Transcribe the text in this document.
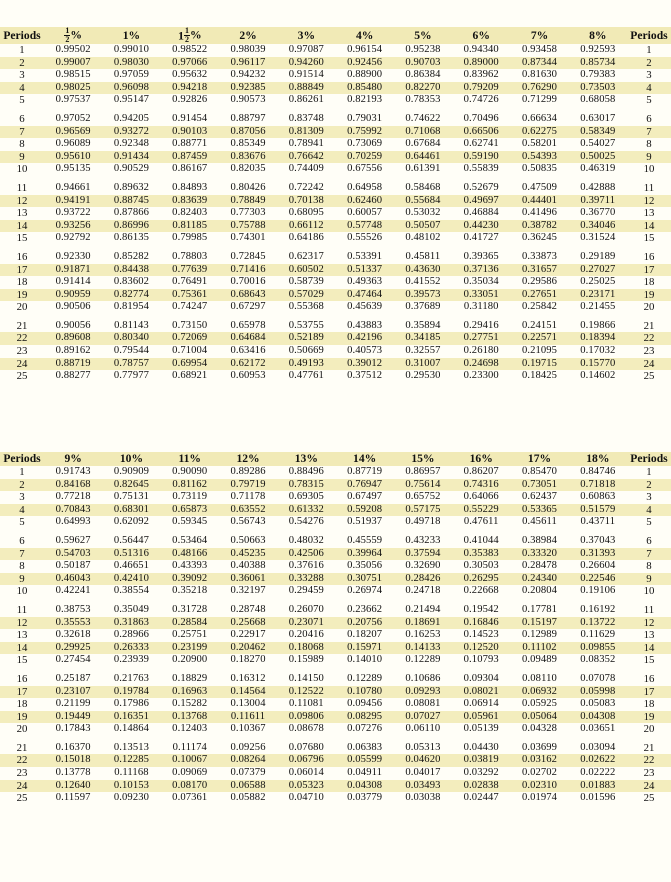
Periods	$\frac{1}{2}$ %	1%	$1 \frac{1}{2}$ %	2%	3%	4%	5%	6%	7%	8%	Periods
1	0.99502	0.99010	0.98522	0.98039	0.97087	0.96154	0.95238	0.94340	0.93458	0.92593	1
2	0.99007	0.98030	0.97066	0.96117	0.94260	0.92456	0.90703	0.89000	0.87344	0.85734	2
3	0.98515	0.97059	0.95632	0.94232	0.91514	0.88900	0.86384	0.83962	0.81630	0.79383	3
4	0.98025	0.96098	0.94218	0.92385	0.88849	0.85480	0.82270	0.79209	0.76290	0.73503	4
5	0.97537	0.95147	0.92826	0.90573	0.86261	0.82193	0.78353	0.74726	0.71299	0.68058	5

6	0.97052	0.94205	0.91454	0.88797	0.83748	0.79031	0.74622	0.70496	0.66634	0.63017	6
7	0.96569	0.93272	0.90103	0.87056	0.81309	0.75992	0.71068	0.66506	0.62275	0.58349	7
8	0.96089	0.92348	0.88771	0.85349	0.78941	0.73069	0.67684	0.62741	0.58201	0.54027	8
9	0.95610	0.91434	0.87459	0.83676	0.76642	0.70259	0.64461	0.59190	0.54393	0.50025	9
10	0.95135	0.90529	0.86167	0.82035	0.74409	0.67556	0.61391	0.55839	0.50835	0.46319	10

11	0.94661	0.89632	0.84893	0.80426	0.72242	0.64958	0.58468	0.52679	0.47509	0.42888	11
12	0.94191	0.88745	0.83639	0.78849	0.70138	0.62460	0.55684	0.49697	0.44401	0.39711	12
13	0.93722	0.87866	0.82403	0.77303	0.68095	0.60057	0.53032	0.46884	0.41496	0.36770	13
14	0.93256	0.86996	0.81185	0.75788	0.66112	0.57748	0.50507	0.44230	0.38782	0.34046	14
15	0.92792	0.86135	0.79985	0.74301	0.64186	0.55526	0.48102	0.41727	0.36245	0.31524	15

16	0.92330	0.85282	0.78803	0.72845	0.62317	0.53391	0.45811	0.39365	0.33873	0.29189	16
17	0.91871	0.84438	0.77639	0.71416	0.60502	0.51337	0.43630	0.37136	0.31657	0.27027	17
18	0.91414	0.83602	0.76491	0.70016	0.58739	0.49363	0.41552	0.35034	0.29586	0.25025	18
19	0.90959	0.82774	0.75361	0.68643	0.57029	0.47464	0.39573	0.33051	0.27651	0.23171	19
20	0.90506	0.81954	0.74247	0.67297	0.55368	0.45639	0.37689	0.31180	0.25842	0.21455	20

21	0.90056	0.81143	0.73150	0.65978	0.53755	0.43883	0.35894	0.29416	0.24151	0.19866	21
22	0.89608	0.80340	0.72069	0.64684	0.52189	0.42196	0.34185	0.27751	0.22571	0.18394	22
23	0.89162	0.79544	0.71004	0.63416	0.50669	0.40573	0.32557	0.26180	0.21095	0.17032	23
24	0.88719	0.78757	0.69954	0.62172	0.49193	0.39012	0.31007	0.24698	0.19715	0.15770	24
25	0.88277	0.77977	0.68921	0.60953	0.47761	0.37512	0.29530	0.23300	0.18425	0.14602	25
Periods	9%	10%	11%	12%	13%	14%	15%	16%	17%	18%	Periods
1	0.91743	0.90909	0.90090	0.89286	0.88496	0.87719	0.86957	0.86207	0.85470	0.84746	1
2	0.84168	0.82645	0.81162	0.79719	0.78315	0.76947	0.75614	0.74316	0.73051	0.71818	2
3	0.77218	0.75131	0.73119	0.71178	0.69305	0.67497	0.65752	0.64066	0.62437	0.60863	3
4	0.70843	0.68301	0.65873	0.63552	0.61332	0.59208	0.57175	0.55229	0.53365	0.51579	4
5	0.64993	0.62092	0.59345	0.56743	0.54276	0.51937	0.49718	0.47611	0.45611	0.43711	5

6	0.59627	0.56447	0.53464	0.50663	0.48032	0.45559	0.43233	0.41044	0.38984	0.37043	6
7	0.54703	0.51316	0.48166	0.45235	0.42506	0.39964	0.37594	0.35383	0.33320	0.31393	7
8	0.50187	0.46651	0.43393	0.40388	0.37616	0.35056	0.32690	0.30503	0.28478	0.26604	8
9	0.46043	0.42410	0.39092	0.36061	0.33288	0.30751	0.28426	0.26295	0.24340	0.22546	9
10	0.42241	0.38554	0.35218	0.32197	0.29459	0.26974	0.24718	0.22668	0.20804	0.19106	10

11	0.38753	0.35049	0.31728	0.28748	0.26070	0.23662	0.21494	0.19542	0.17781	0.16192	11
12	0.35553	0.31863	0.28584	0.25668	0.23071	0.20756	0.18691	0.16846	0.15197	0.13722	12
13	0.32618	0.28966	0.25751	0.22917	0.20416	0.18207	0.16253	0.14523	0.12989	0.11629	13
14	0.29925	0.26333	0.23199	0.20462	0.18068	0.15971	0.14133	0.12520	0.11102	0.09855	14
15	0.27454	0.23939	0.20900	0.18270	0.15989	0.14010	0.12289	0.10793	0.09489	0.08352	15

16	0.25187	0.21763	0.18829	0.16312	0.14150	0.12289	0.10686	0.09304	0.08110	0.07078	16
17	0.23107	0.19784	0.16963	0.14564	0.12522	0.10780	0.09293	0.08021	0.06932	0.05998	17
18	0.21199	0.17986	0.15282	0.13004	0.11081	0.09456	0.08081	0.06914	0.05925	0.05083	18
19	0.19449	0.16351	0.13768	0.11611	0.09806	0.08295	0.07027	0.05961	0.05064	0.04308	19
20	0.17843	0.14864	0.12403	0.10367	0.08678	0.07276	0.06110	0.05139	0.04328	0.03651	20

21	0.16370	0.13513	0.11174	0.09256	0.07680	0.06383	0.05313	0.04430	0.03699	0.03094	21
22	0.15018	0.12285	0.10067	0.08264	0.06796	0.05599	0.04620	0.03819	0.03162	0.02622	22
23	0.13778	0.11168	0.09069	0.07379	0.06014	0.04911	0.04017	0.03292	0.02702	0.02222	23
24	0.12640	0.10153	0.08170	0.06588	0.05323	0.04308	0.03493	0.02838	0.02310	0.01883	24
25	0.11597	0.09230	0.07361	0.05882	0.04710	0.03779	0.03038	0.02447	0.01974	0.01596	25
